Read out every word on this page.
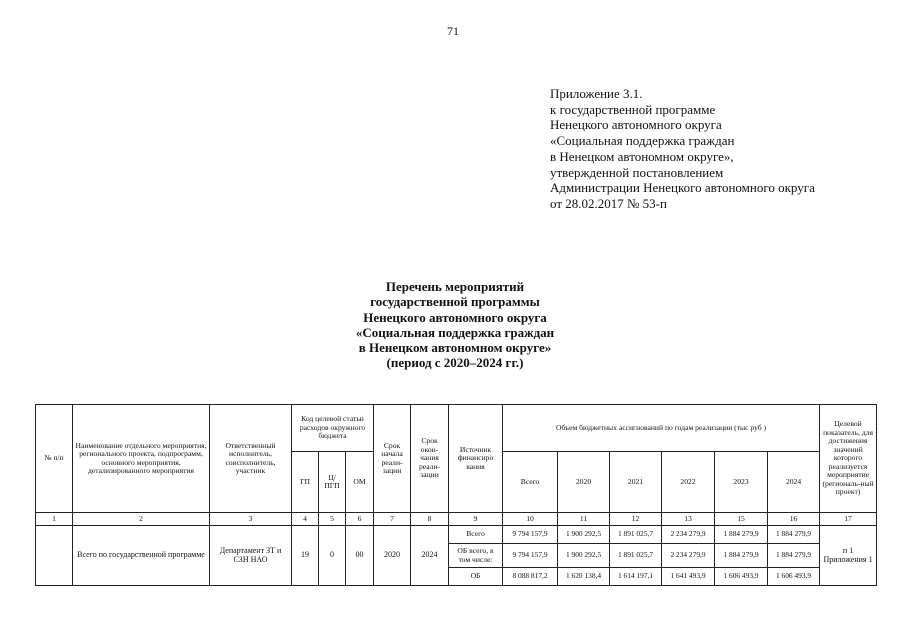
71
Приложение 3.1.
к государственной программе
Ненецкого автономного округа
«Социальная поддержка граждан
в Ненецком автономном округе»,
утвержденной постановлением
Администрации Ненецкого автономного округа
от 28.02.2017 № 53-п
Перечень мероприятий
государственной программы
Ненецкого автономного округа
«Социальная поддержка граждан
в Ненецком автономном округе»
(период с 2020–2024 гг.)
№ п/п	Наименование отдельного мероприятия, регионального проекта, подпрограмм, основного мероприятия, детализированного мероприятия	Ответственный исполнитель, соисполнитель, участник	Код целевой статьи расходов окружного бюджета			Срок начала реали-зации	Срок окон-чания реали-зации	Источник финансиро вания	Объем бюджетных ассигнований по годам реализации (тыс руб )						Целевой показатель, для достижения значений которого реализуется мероприятие (региональ-ный проект)
			ГП	Ц/ ПГП	ОМ				Всего	2020	2021	2022	2023	2024	
1	2	3	4	5	6	7	8	9	10	11	12	13	15	16	17
	Всего по государственной программе	Департамент ЗТ и СЗН НАО	19	0	00	2020	2024	Всего	9 794 157,9	1 900 292,5	1 891 025,7	2 234 279,9	1 884 279,9	1 884 279,9	п 1 Приложения 1
								ОБ всего, в том числе:	9 794 157,9	1 900 292,5	1 891 025,7	2 234 279,9	1 884 279,9	1 884 279,9	
								ОБ	8 088 817,2	1 620 138,4	1 614 197,1	1 641 493,9	1 606 493,9	1 606 493,9	
